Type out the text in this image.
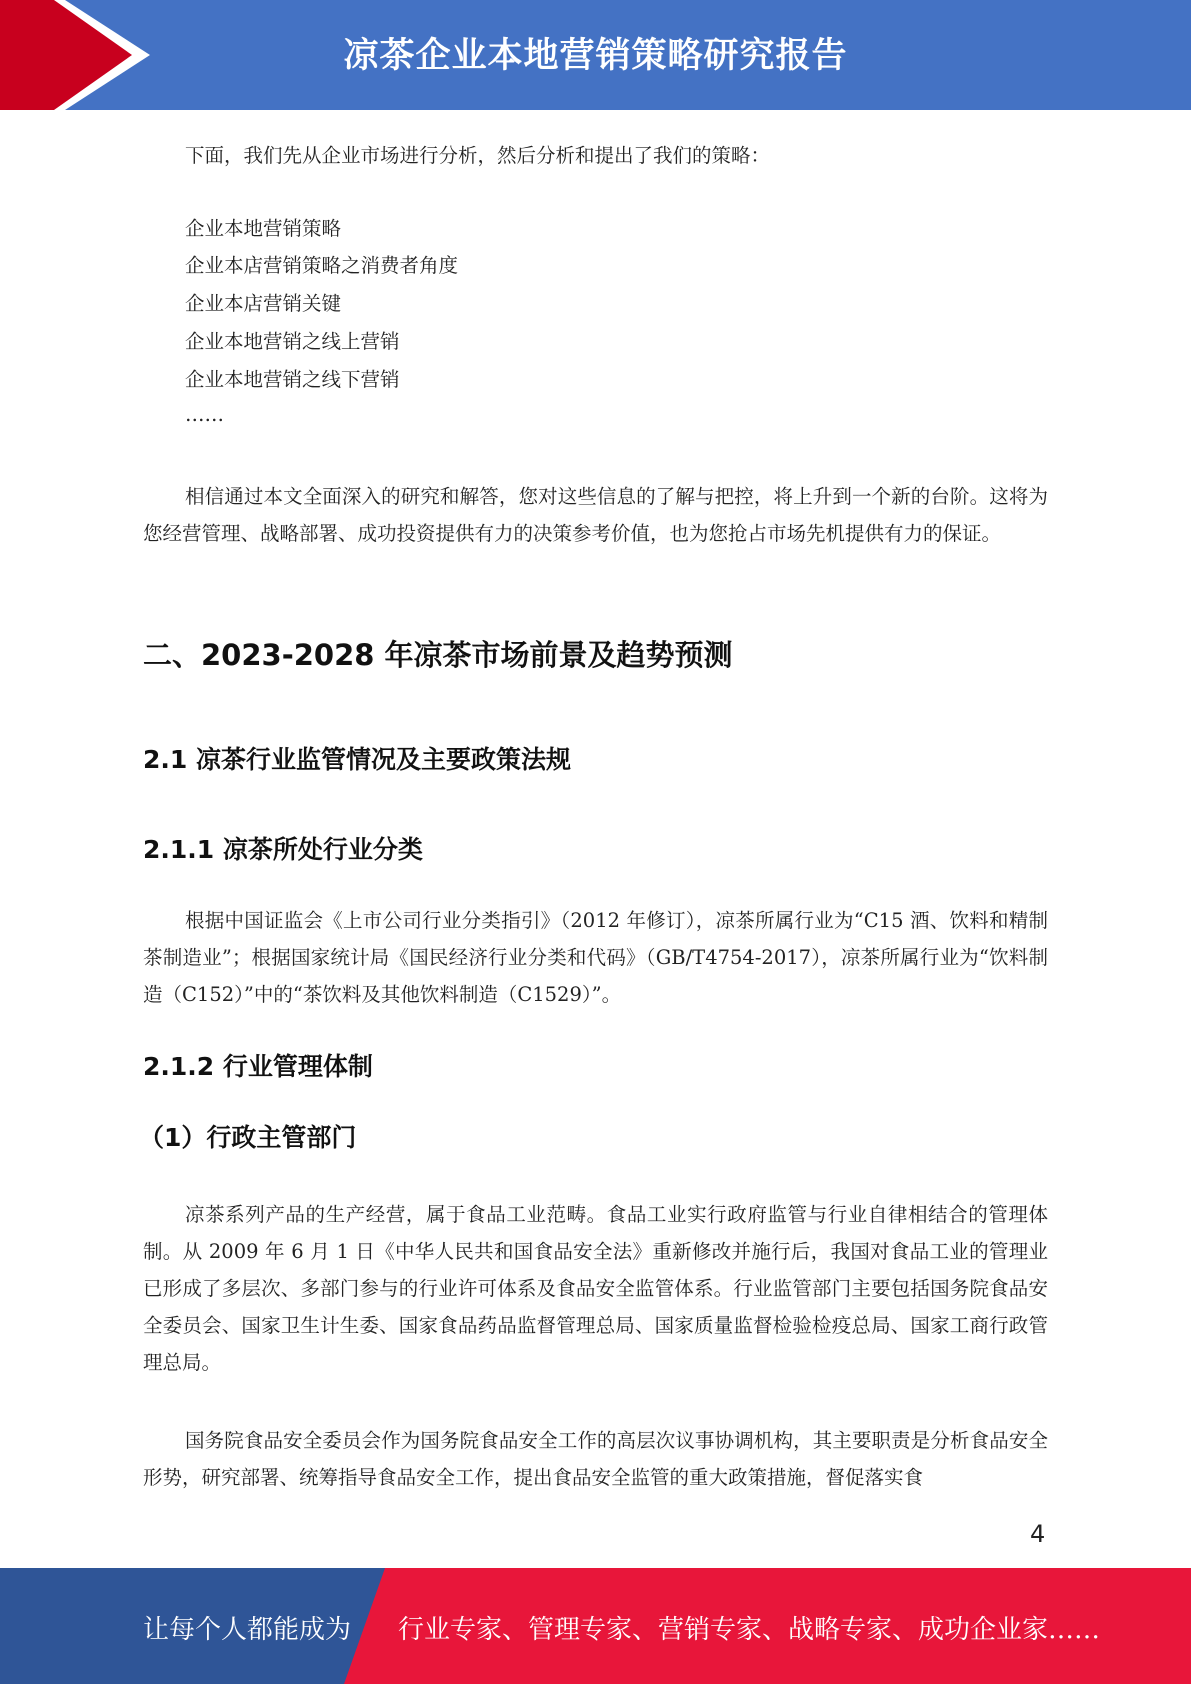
凉茶企业本地营销策略研究报告

下面，我们先从企业市场进行分析，然后分析和提出了我们的策略：

企业本地营销策略

企业本店营销策略之消费者角度

企业本店营销关键

企业本地营销之线上营销

企业本地营销之线下营销

……

相信通过本文全面深入的研究和解答，您对这些信息的了解与把控，将上升到一个新的台阶。这将为您经营管理、战略部署、成功投资提供有力的决策参考价值，也为您抢占市场先机提供有力的保证。

二、2023-2028 年凉茶市场前景及趋势预测
2.1 凉茶行业监管情况及主要政策法规
2.1.1 凉茶所处行业分类

根据中国证监会《上市公司行业分类指引》（2012 年修订），凉茶所属行业为“C15 酒、饮料和精制茶制造业”；根据国家统计局《国民经济行业分类和代码》（GB/T4754-2017），凉茶所属行业为“饮料制造（C152）”中的“茶饮料及其他饮料制造（C1529）”。

2.1.2 行业管理体制
（1）行政主管部门

凉茶系列产品的生产经营，属于食品工业范畴。食品工业实行政府监管与行业自律相结合的管理体制。从 2009 年 6 月 1 日《中华人民共和国食品安全法》重新修改并施行后，我国对食品工业的管理业已形成了多层次、多部门参与的行业许可体系及食品安全监管体系。行业监管部门主要包括国务院食品安全委员会、国家卫生计生委、国家食品药品监督管理总局、国家质量监督检验检疫总局、国家工商行政管理总局。

国务院食品安全委员会作为国务院食品安全工作的高层次议事协调机构，其主要职责是分析食品安全形势，研究部署、统筹指导食品安全工作，提出食品安全监管的重大政策措施，督促落实食

4
让每个人都能成为 行业专家、管理专家、营销专家、战略专家、成功企业家……
